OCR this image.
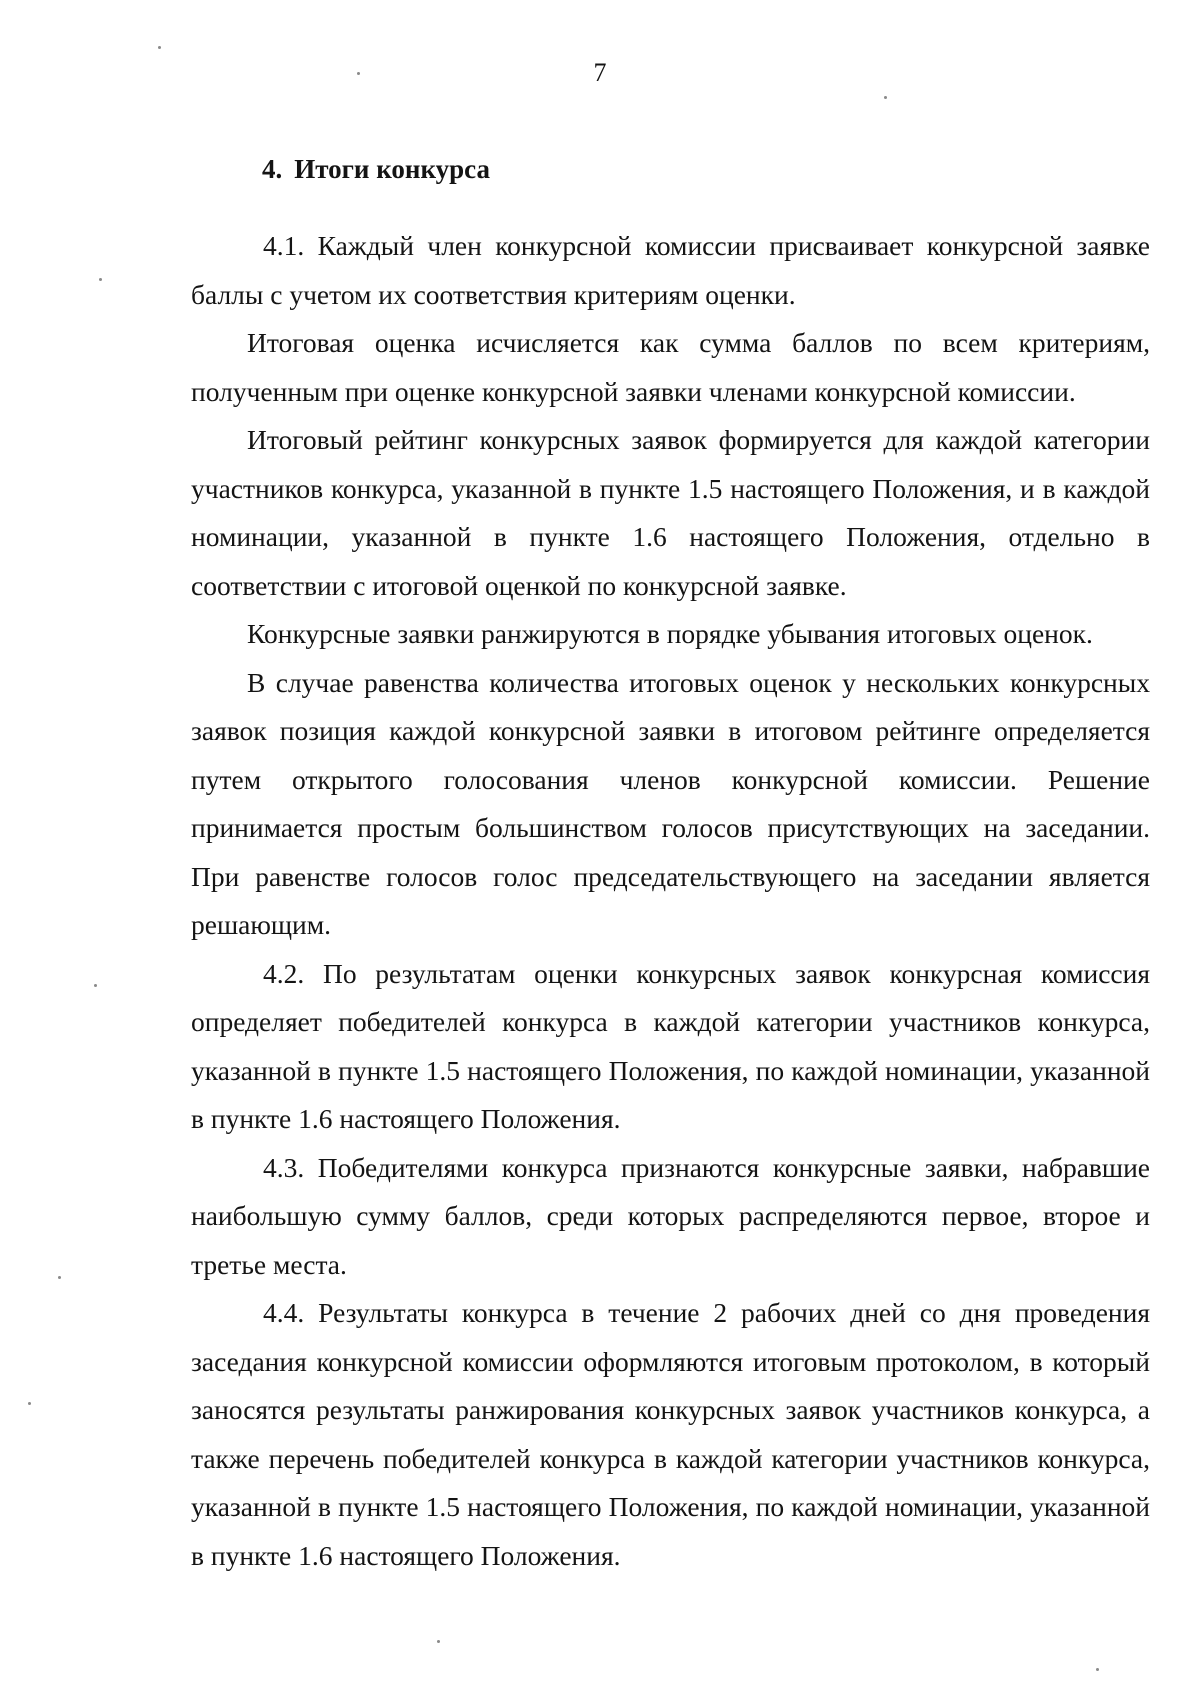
7
4. Итоги конкурса

4.1. Каждый член конкурсной комиссии присваивает конкурсной заявке баллы с учетом их соответствия критериям оценки.

Итоговая оценка исчисляется как сумма баллов по всем критериям, полученным при оценке конкурсной заявки членами конкурсной комиссии.

Итоговый рейтинг конкурсных заявок формируется для каждой категории участников конкурса, указанной в пункте 1.5 настоящего Положения, и в каждой номинации, указанной в пункте 1.6 настоящего Положения, отдельно в соответствии с итоговой оценкой по конкурсной заявке.

Конкурсные заявки ранжируются в порядке убывания итоговых оценок.

В случае равенства количества итоговых оценок у нескольких конкурсных заявок позиция каждой конкурсной заявки в итоговом рейтинге определяется путем открытого голосования членов конкурсной комиссии. Решение принимается простым большинством голосов присутствующих на заседании. При равенстве голосов голос председательствующего на заседании является решающим.

4.2. По результатам оценки конкурсных заявок конкурсная комиссия определяет победителей конкурса в каждой категории участников конкурса, указанной в пункте 1.5 настоящего Положения, по каждой номинации, указанной в пункте 1.6 настоящего Положения.

4.3. Победителями конкурса признаются конкурсные заявки, набравшие наибольшую сумму баллов, среди которых распределяются первое, второе и третье места.

4.4. Результаты конкурса в течение 2 рабочих дней со дня проведения заседания конкурсной комиссии оформляются итоговым протоколом, в который заносятся результаты ранжирования конкурсных заявок участников конкурса, а также перечень победителей конкурса в каждой категории участников конкурса, указанной в пункте 1.5 настоящего Положения, по каждой номинации, указанной в пункте 1.6 настоящего Положения.
